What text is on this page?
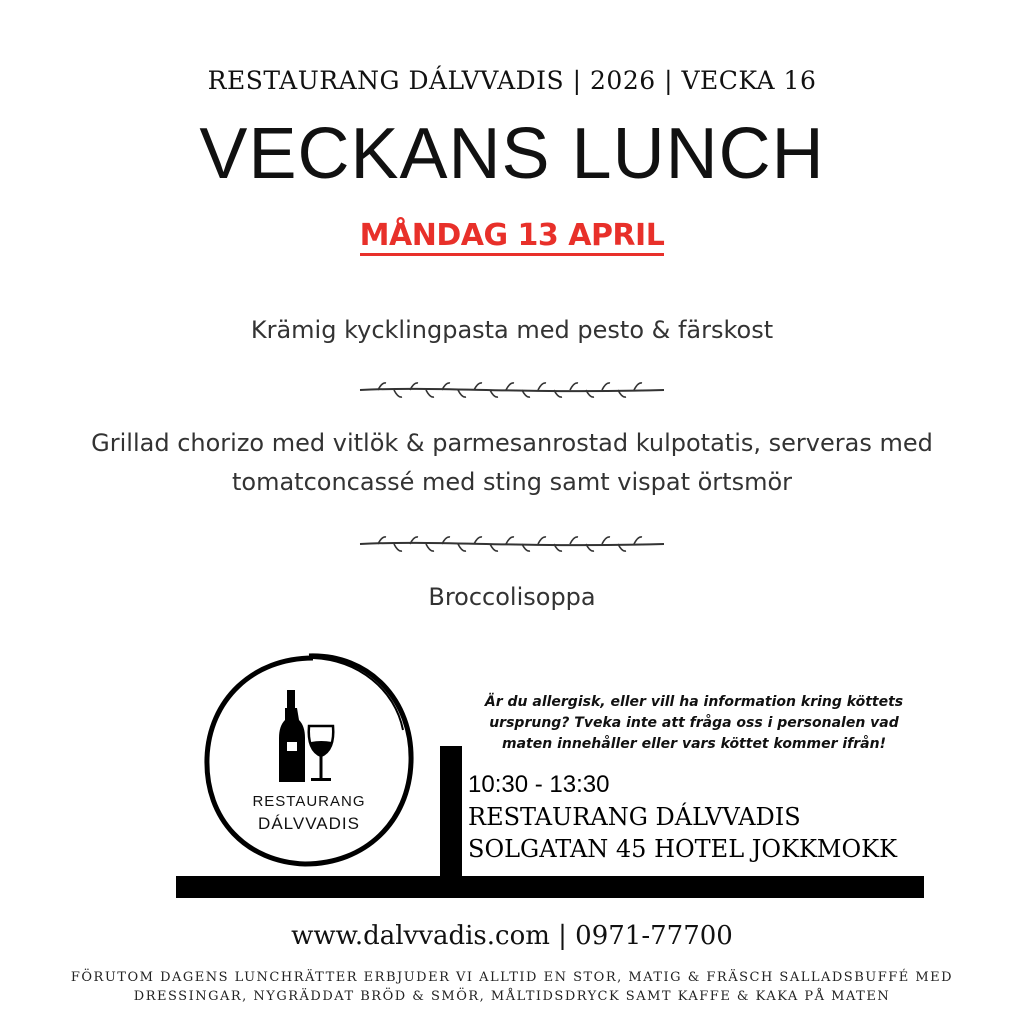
RESTAURANG DÁLVVADIS | 2026 | VECKA 16
VECKANS LUNCH
MÅNDAG 13 APRIL
Krämig kycklingpasta med pesto & färskost
Grillad chorizo med vitlök & parmesanrostad kulpotatis, serveras med
tomatconcassé med sting samt vispat örtsmör
Broccolisoppa
RESTAURANG
DÁLVVADIS
Är du allergisk, eller vill ha information kring köttets
ursprung? Tveka inte att fråga oss i personalen vad
maten innehåller eller vars köttet kommer ifrån!
10:30 - 13:30
RESTAURANG DÁLVVADIS
SOLGATAN 45 HOTEL JOKKMOKK
www.dalvvadis.com | 0971-77700
FÖRUTOM DAGENS LUNCHRÄTTER ERBJUDER VI ALLTID EN STOR, MATIG & FRÄSCH SALLADSBUFFÉ MED
DRESSINGAR, NYGRÄDDAT BRÖD & SMÖR, MÅLTIDSDRYCK SAMT KAFFE & KAKA PÅ MATEN
